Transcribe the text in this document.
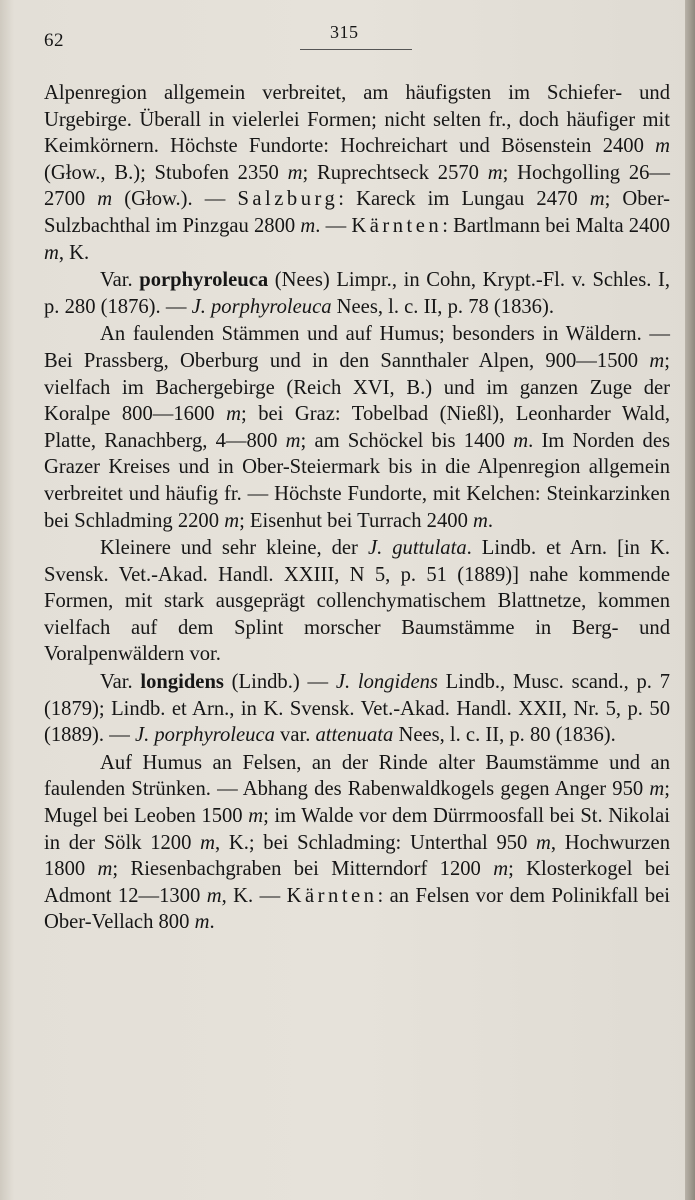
62	315

Alpenregion allgemein verbreitet, am häufigsten im Schiefer- und Urgebirge. Überall in vielerlei Formen; nicht selten fr., doch häufiger mit Keimkörnern. Höchste Fundorte: Hochreichart und Bösenstein 2400 m (Głow., B.); Stubofen 2350 m; Ruprechtseck 2570 m; Hochgolling 26—2700 m (Głow.). — Salzburg: Kareck im Lungau 2470 m; Ober-Sulzbachthal im Pinzgau 2800 m. — Kärnten: Bartlmann bei Malta 2400 m, K.

Var. porphyroleuca (Nees) Limpr., in Cohn, Krypt.-Fl. v. Schles. I, p. 280 (1876). — J. porphyroleuca Nees, l. c. II, p. 78 (1836).

An faulenden Stämmen und auf Humus; besonders in Wäldern. — Bei Prassberg, Oberburg und in den Sannthaler Alpen, 900—1500 m; vielfach im Bachergebirge (Reich XVI, B.) und im ganzen Zuge der Koralpe 800—1600 m; bei Graz: Tobelbad (Nießl), Leonharder Wald, Platte, Ranachberg, 4—800 m; am Schöckel bis 1400 m. Im Norden des Grazer Kreises und in Ober-Steiermark bis in die Alpenregion allgemein verbreitet und häufig fr. — Höchste Fundorte, mit Kelchen: Steinkarzinken bei Schladming 2200 m; Eisenhut bei Turrach 2400 m.

Kleinere und sehr kleine, der J. guttulata. Lindb. et Arn. [in K. Svensk. Vet.-Akad. Handl. XXIII, N 5, p. 51 (1889)] nahe kommende Formen, mit stark ausgeprägt collenchymatischem Blattnetze, kommen vielfach auf dem Splint morscher Baumstämme in Berg- und Voralpenwäldern vor.

Var. longidens (Lindb.) — J. longidens Lindb., Musc. scand., p. 7 (1879); Lindb. et Arn., in K. Svensk. Vet.-Akad. Handl. XXII, Nr. 5, p. 50 (1889). — J. porphyroleuca var. attenuata Nees, l. c. II, p. 80 (1836).

Auf Humus an Felsen, an der Rinde alter Baumstämme und an faulenden Strünken. — Abhang des Rabenwaldkogels gegen Anger 950 m; Mugel bei Leoben 1500 m; im Walde vor dem Dürrmoosfall bei St. Nikolai in der Sölk 1200 m, K.; bei Schladming: Unterthal 950 m, Hochwurzen 1800 m; Riesenbachgraben bei Mitterndorf 1200 m; Klosterkogel bei Admont 12—1300 m, K. — Kärnten: an Felsen vor dem Polinikfall bei Ober-Vellach 800 m.
